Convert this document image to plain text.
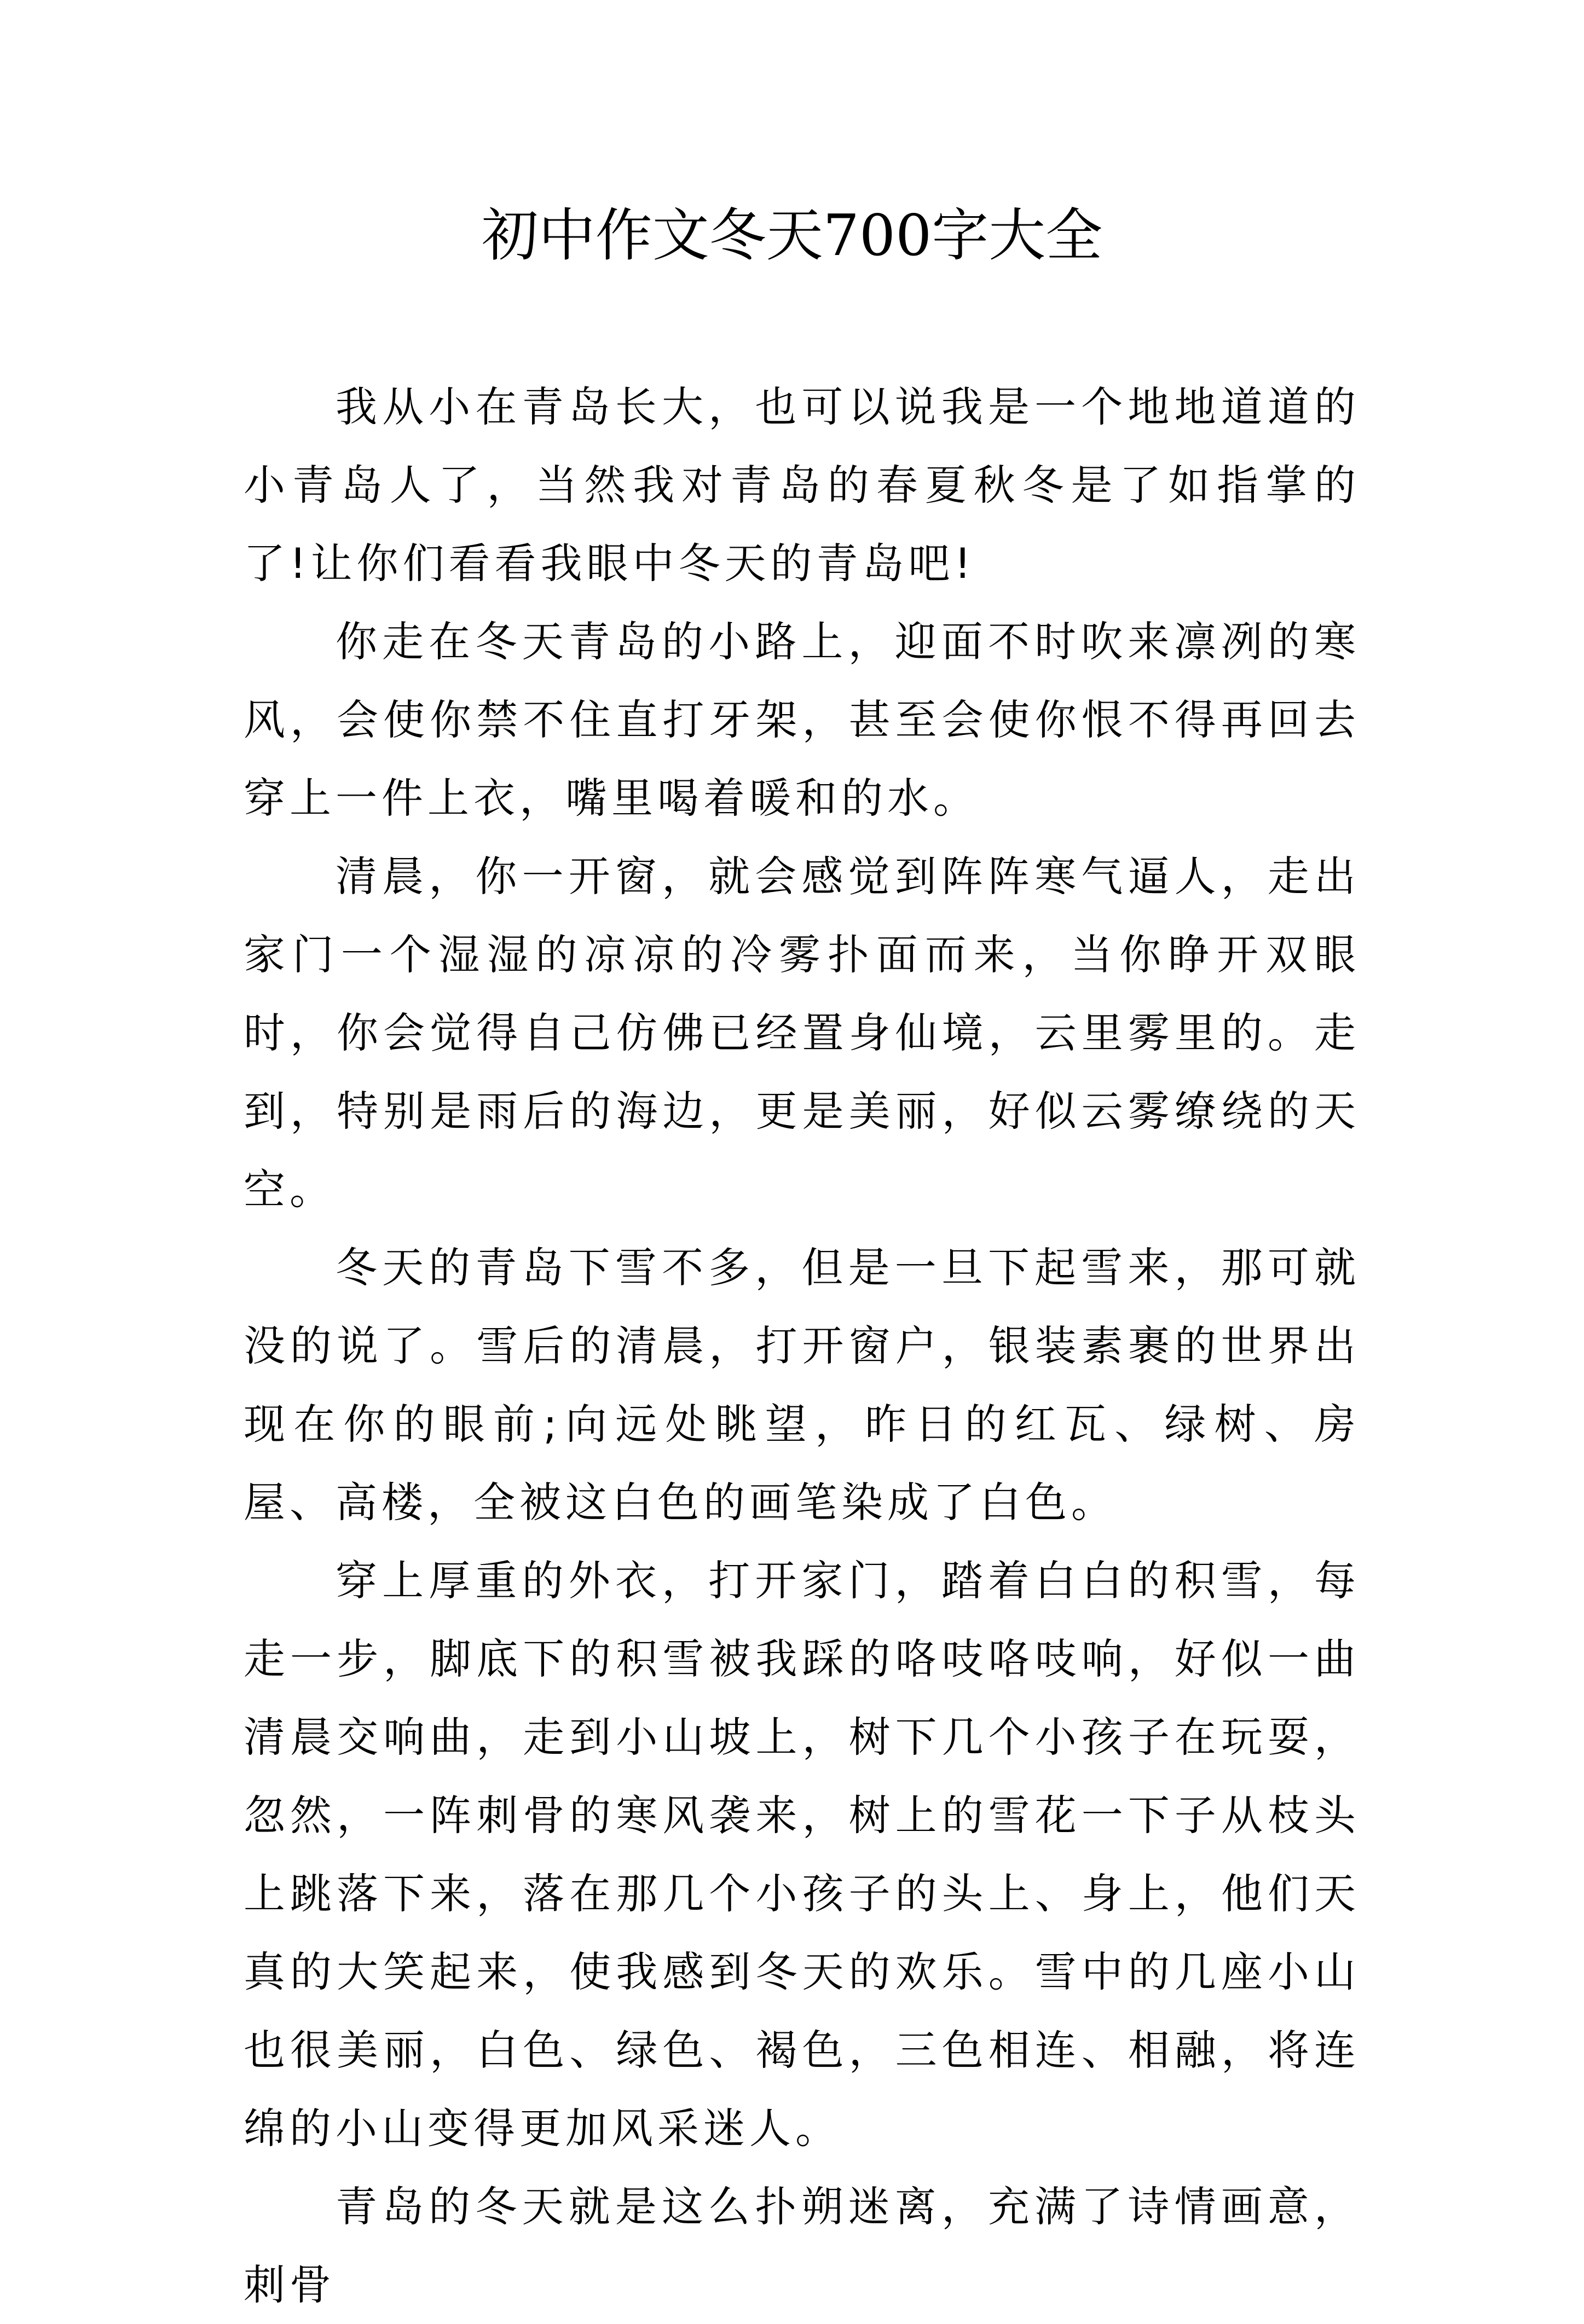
初中作文冬天700字大全

我从小在青岛长大，也可以说我是一个地地道道的小青岛人了，当然我对青岛的春夏秋冬是了如指掌的了!让你们看看我眼中冬天的青岛吧!

你走在冬天青岛的小路上，迎面不时吹来凛冽的寒风，会使你禁不住直打牙架，甚至会使你恨不得再回去穿上一件上衣，嘴里喝着暖和的水。

清晨，你一开窗，就会感觉到阵阵寒气逼人，走出家门一个湿湿的凉凉的冷雾扑面而来，当你睁开双眼时，你会觉得自己仿佛已经置身仙境，云里雾里的。走到，特别是雨后的海边，更是美丽，好似云雾缭绕的天空。

冬天的青岛下雪不多，但是一旦下起雪来，那可就没的说了。雪后的清晨，打开窗户，银装素裹的世界出现在你的眼前;向远处眺望，昨日的红瓦、绿树、房屋、高楼，全被这白色的画笔染成了白色。

穿上厚重的外衣，打开家门，踏着白白的积雪，每走一步，脚底下的积雪被我踩的咯吱咯吱响，好似一曲清晨交响曲，走到小山坡上，树下几个小孩子在玩耍，忽然，一阵刺骨的寒风袭来，树上的雪花一下子从枝头上跳落下来，落在那几个小孩子的头上、身上，他们天真的大笑起来，使我感到冬天的欢乐。雪中的几座小山也很美丽，白色、绿色、褐色，三色相连、相融，将连绵的小山变得更加风采迷人。

青岛的冬天就是这么扑朔迷离，充满了诗情画意，刺骨
